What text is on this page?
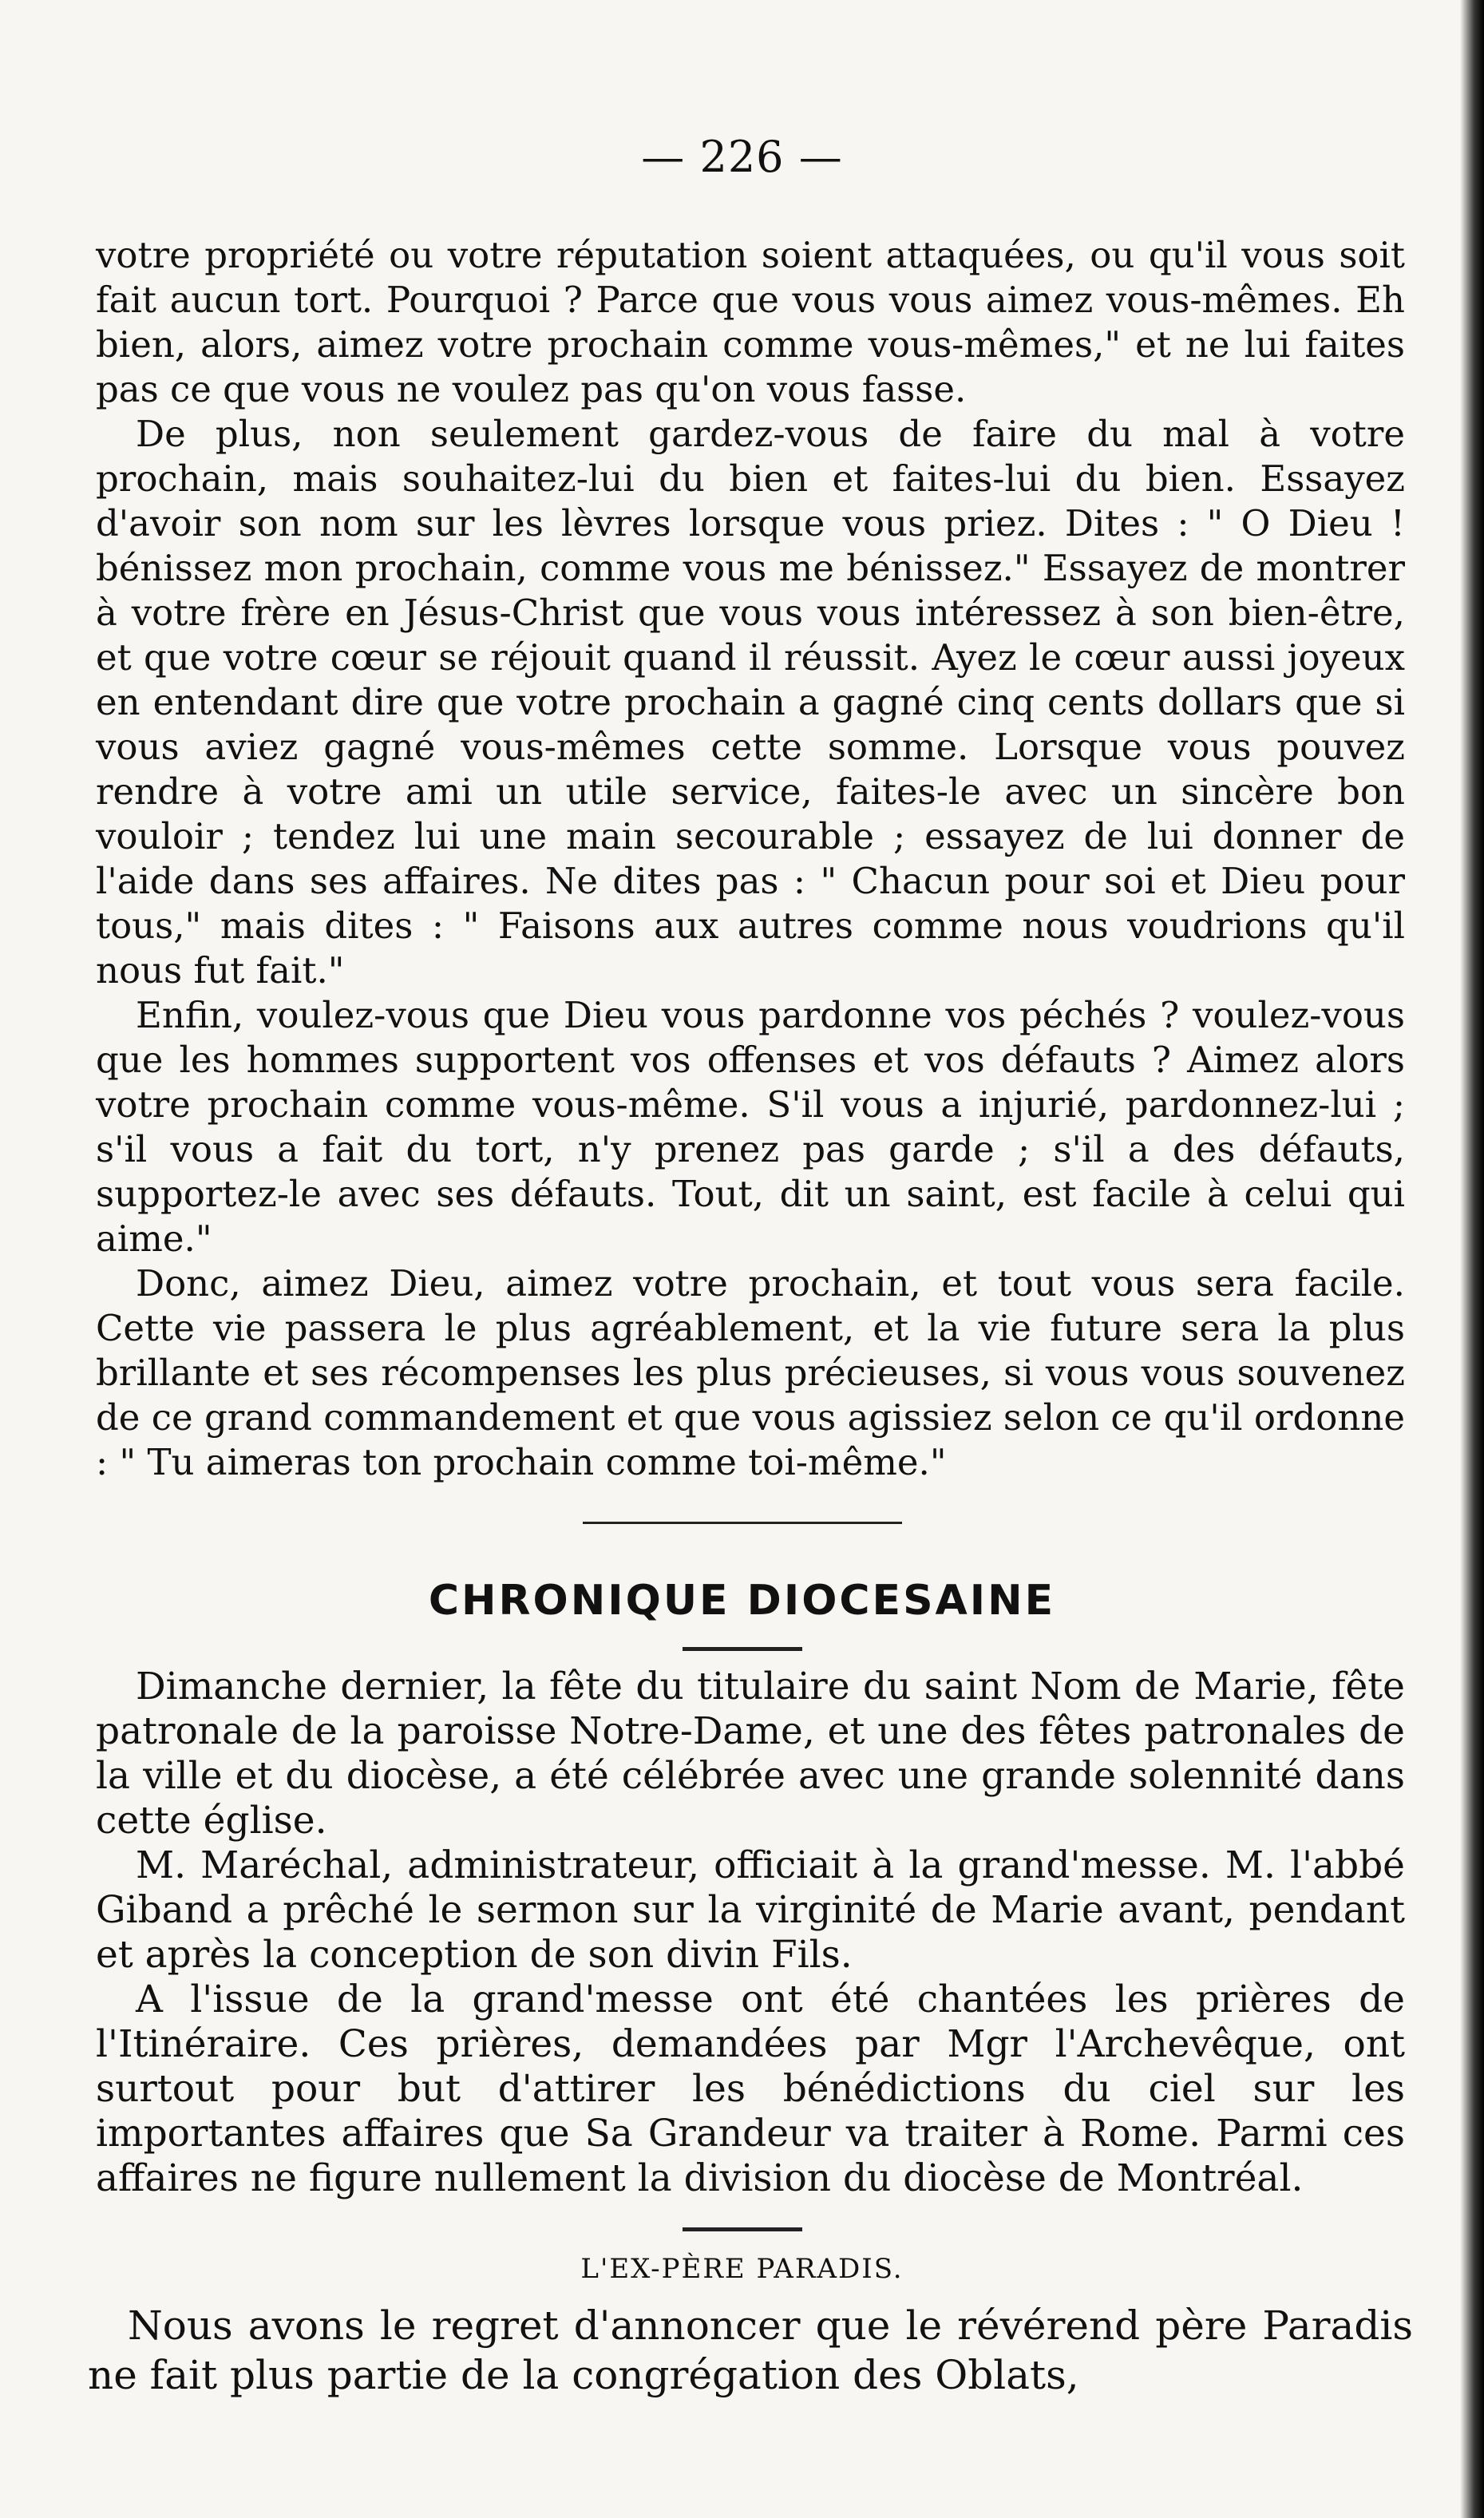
— 226 —

votre propriété ou votre réputation soient attaquées, ou qu'il vous soit fait aucun tort. Pourquoi ? Parce que vous vous aimez vous-mêmes. Eh bien, alors, aimez votre prochain comme vous-mêmes," et ne lui faites pas ce que vous ne voulez pas qu'on vous fasse.

De plus, non seulement gardez-vous de faire du mal à votre prochain, mais souhaitez-lui du bien et faites-lui du bien. Essayez d'avoir son nom sur les lèvres lorsque vous priez. Dites : " O Dieu ! bénissez mon prochain, comme vous me bénissez." Essayez de montrer à votre frère en Jésus-Christ que vous vous intéressez à son bien-être, et que votre cœur se réjouit quand il réussit. Ayez le cœur aussi joyeux en entendant dire que votre prochain a gagné cinq cents dollars que si vous aviez gagné vous-mêmes cette somme. Lorsque vous pouvez rendre à votre ami un utile service, faites-le avec un sincère bon vouloir ; tendez lui une main secourable ; essayez de lui donner de l'aide dans ses affaires. Ne dites pas : " Chacun pour soi et Dieu pour tous," mais dites : " Faisons aux autres comme nous voudrions qu'il nous fut fait."

Enfin, voulez-vous que Dieu vous pardonne vos péchés ? voulez-vous que les hommes supportent vos offenses et vos défauts ? Aimez alors votre prochain comme vous-même. S'il vous a injurié, pardonnez-lui ; s'il vous a fait du tort, n'y prenez pas garde ; s'il a des défauts, supportez-le avec ses défauts. Tout, dit un saint, est facile à celui qui aime."

Donc, aimez Dieu, aimez votre prochain, et tout vous sera facile. Cette vie passera le plus agréablement, et la vie future sera la plus brillante et ses récompenses les plus précieuses, si vous vous souvenez de ce grand commandement et que vous agissiez selon ce qu'il ordonne : " Tu aimeras ton prochain comme toi-même."

CHRONIQUE DIOCESAINE

Dimanche dernier, la fête du titulaire du saint Nom de Marie, fête patronale de la paroisse Notre-Dame, et une des fêtes patronales de la ville et du diocèse, a été célébrée avec une grande solennité dans cette église.

M. Maréchal, administrateur, officiait à la grand'messe. M. l'abbé Giband a prêché le sermon sur la virginité de Marie avant, pendant et après la conception de son divin Fils.

A l'issue de la grand'messe ont été chantées les prières de l'Itinéraire. Ces prières, demandées par Mgr l'Archevêque, ont surtout pour but d'attirer les bénédictions du ciel sur les importantes affaires que Sa Grandeur va traiter à Rome. Parmi ces affaires ne figure nullement la division du diocèse de Montréal.

L'EX-PÈRE PARADIS.

Nous avons le regret d'annoncer que le révérend père Paradis ne fait plus partie de la congrégation des Oblats,
